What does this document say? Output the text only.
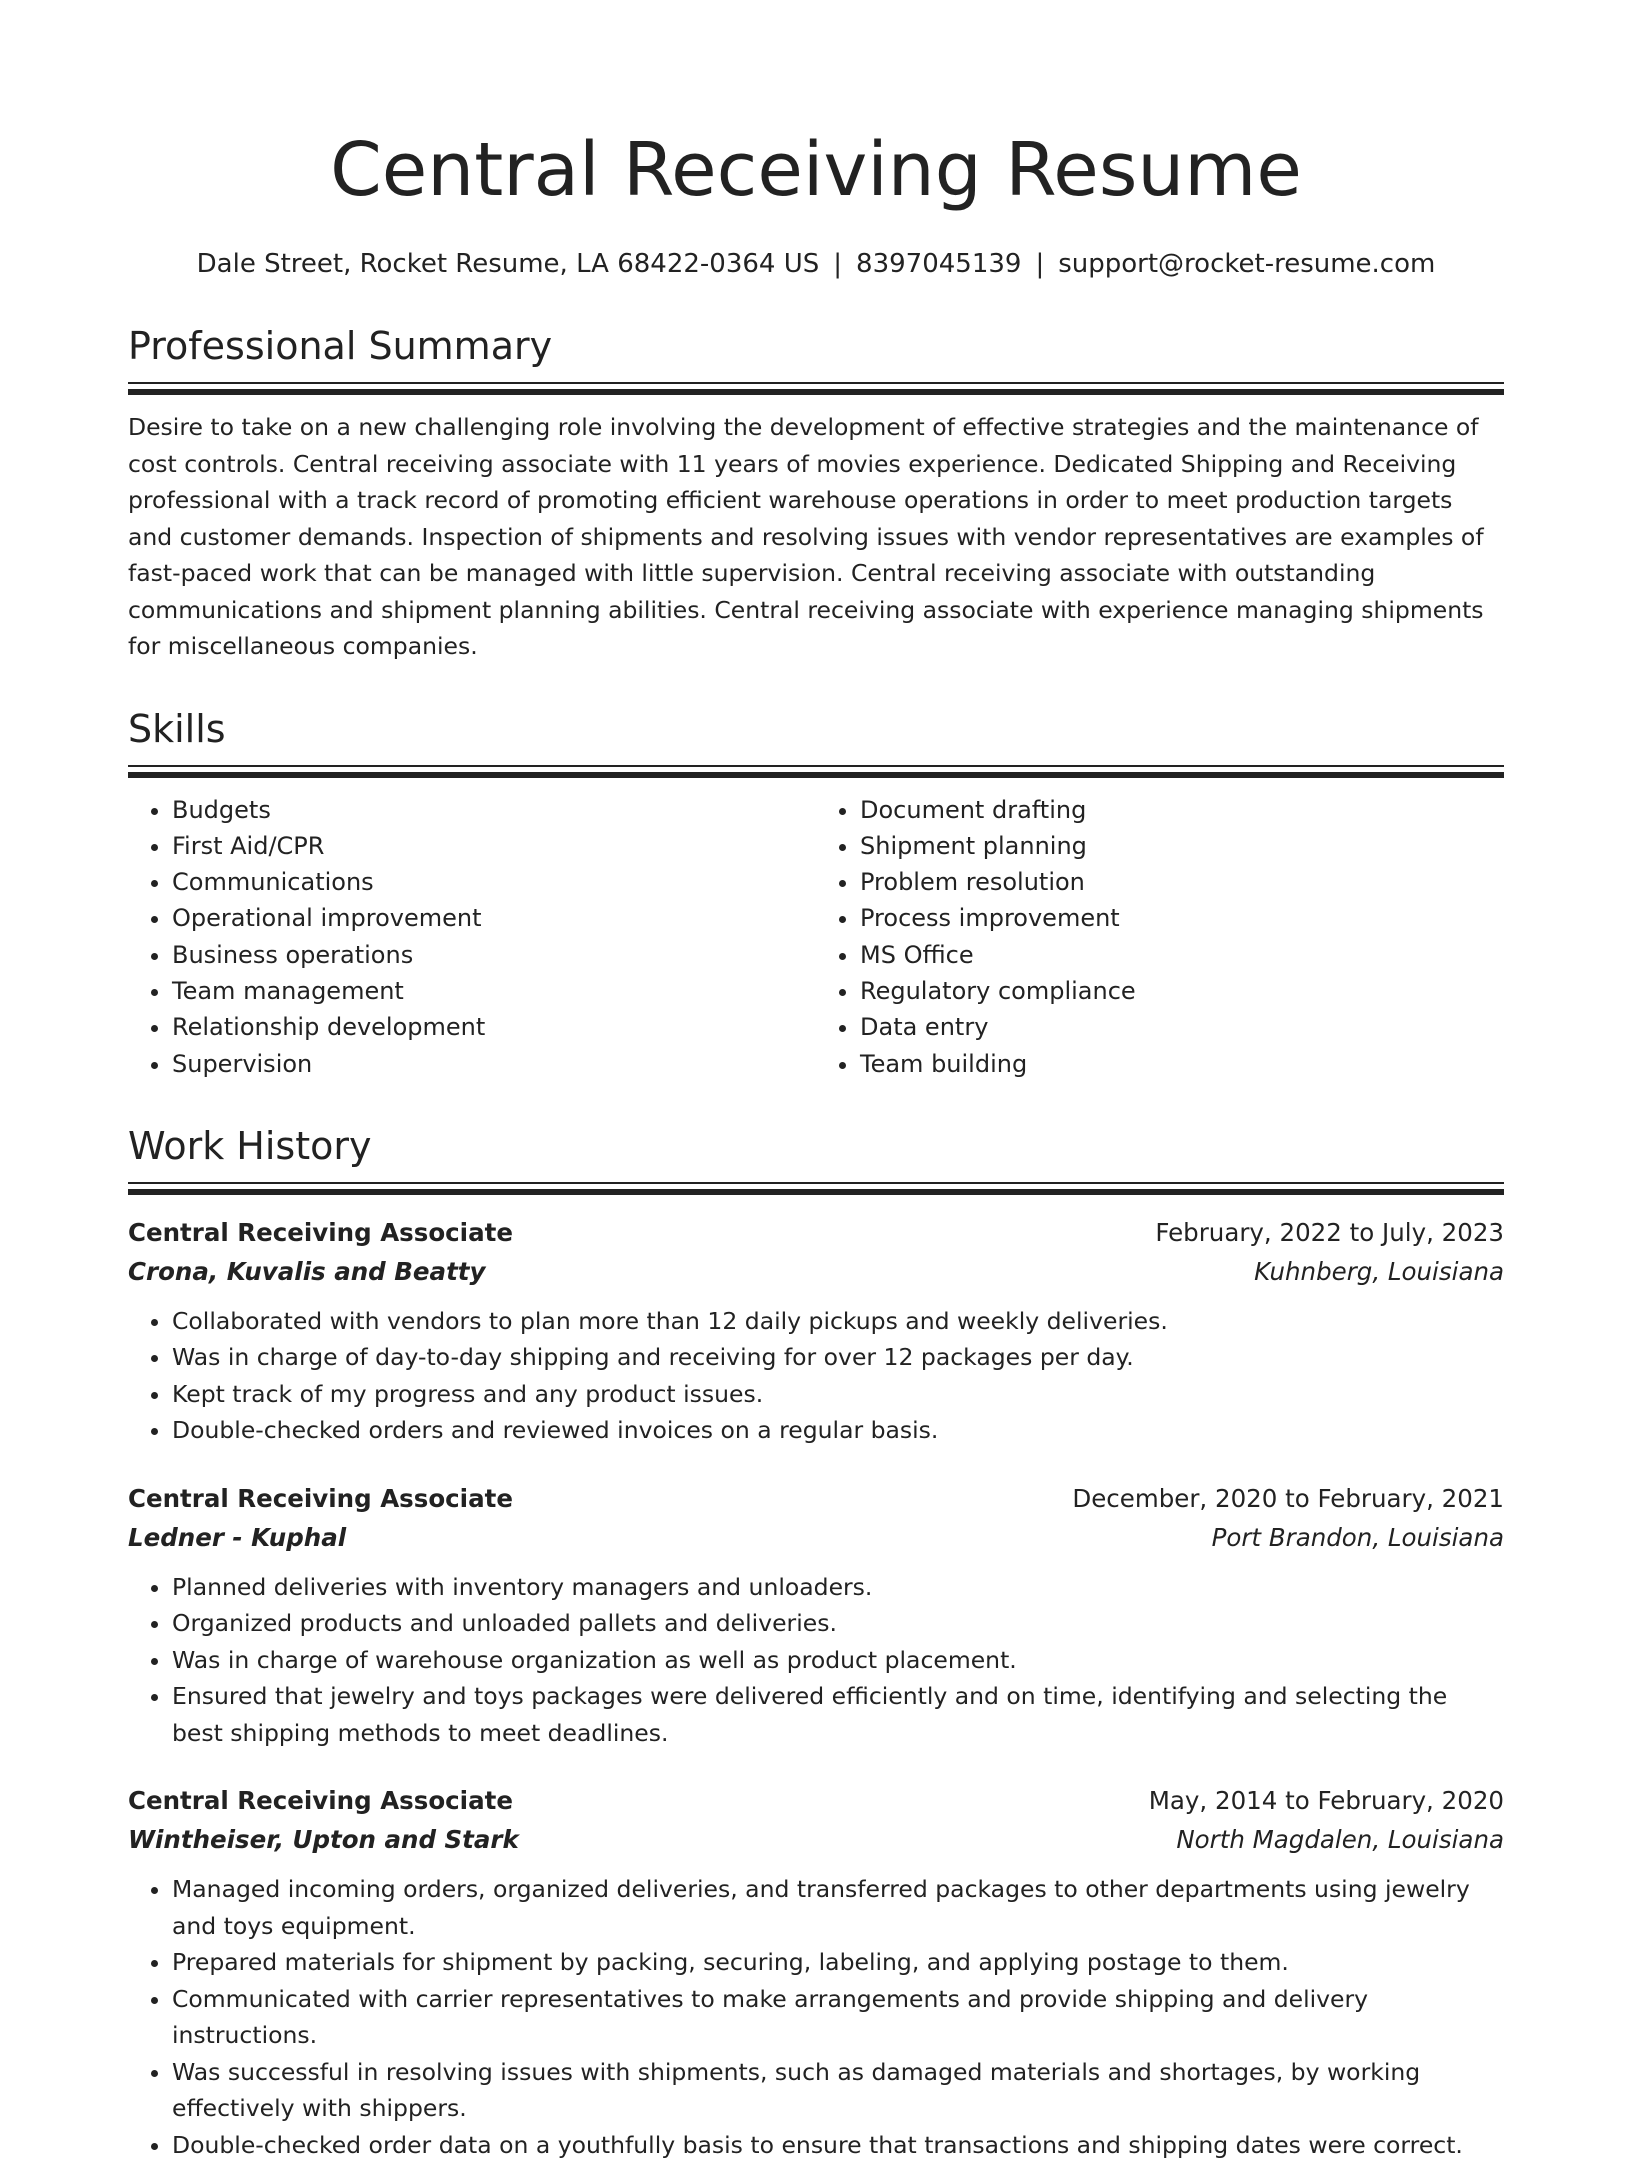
Central Receiving Resume
Dale Street, Rocket Resume, LA 68422-0364 US | 8397045139 | support@rocket-resume.com
Professional Summary
Desire to take on a new challenging role involving the development of effective strategies and the maintenance of cost controls. Central receiving associate with 11 years of movies experience. Dedicated Shipping and Receiving professional with a track record of promoting efficient warehouse operations in order to meet production targets and customer demands. Inspection of shipments and resolving issues with vendor representatives are examples of fast-paced work that can be managed with little supervision. Central receiving associate with outstanding communications and shipment planning abilities. Central receiving associate with experience managing shipments for miscellaneous companies.
Skills
• Budgets
• First Aid/CPR
• Communications
• Operational improvement
• Business operations
• Team management
• Relationship development
• Supervision
• Document drafting
• Shipment planning
• Problem resolution
• Process improvement
• MS Office
• Regulatory compliance
• Data entry
• Team building
Work History
Central Receiving Associate	February, 2022 to July, 2023
Crona, Kuvalis and Beatty	Kuhnberg, Louisiana
• Collaborated with vendors to plan more than 12 daily pickups and weekly deliveries.
• Was in charge of day-to-day shipping and receiving for over 12 packages per day.
• Kept track of my progress and any product issues.
• Double-checked orders and reviewed invoices on a regular basis.
Central Receiving Associate	December, 2020 to February, 2021
Ledner - Kuphal	Port Brandon, Louisiana
• Planned deliveries with inventory managers and unloaders.
• Organized products and unloaded pallets and deliveries.
• Was in charge of warehouse organization as well as product placement.
• Ensured that jewelry and toys packages were delivered efficiently and on time, identifying and selecting the best shipping methods to meet deadlines.
Central Receiving Associate	May, 2014 to February, 2020
Wintheiser, Upton and Stark	North Magdalen, Louisiana
• Managed incoming orders, organized deliveries, and transferred packages to other departments using jewelry and toys equipment.
• Prepared materials for shipment by packing, securing, labeling, and applying postage to them.
• Communicated with carrier representatives to make arrangements and provide shipping and delivery instructions.
• Was successful in resolving issues with shipments, such as damaged materials and shortages, by working effectively with shippers.
• Double-checked order data on a youthfully basis to ensure that transactions and shipping dates were correct.
